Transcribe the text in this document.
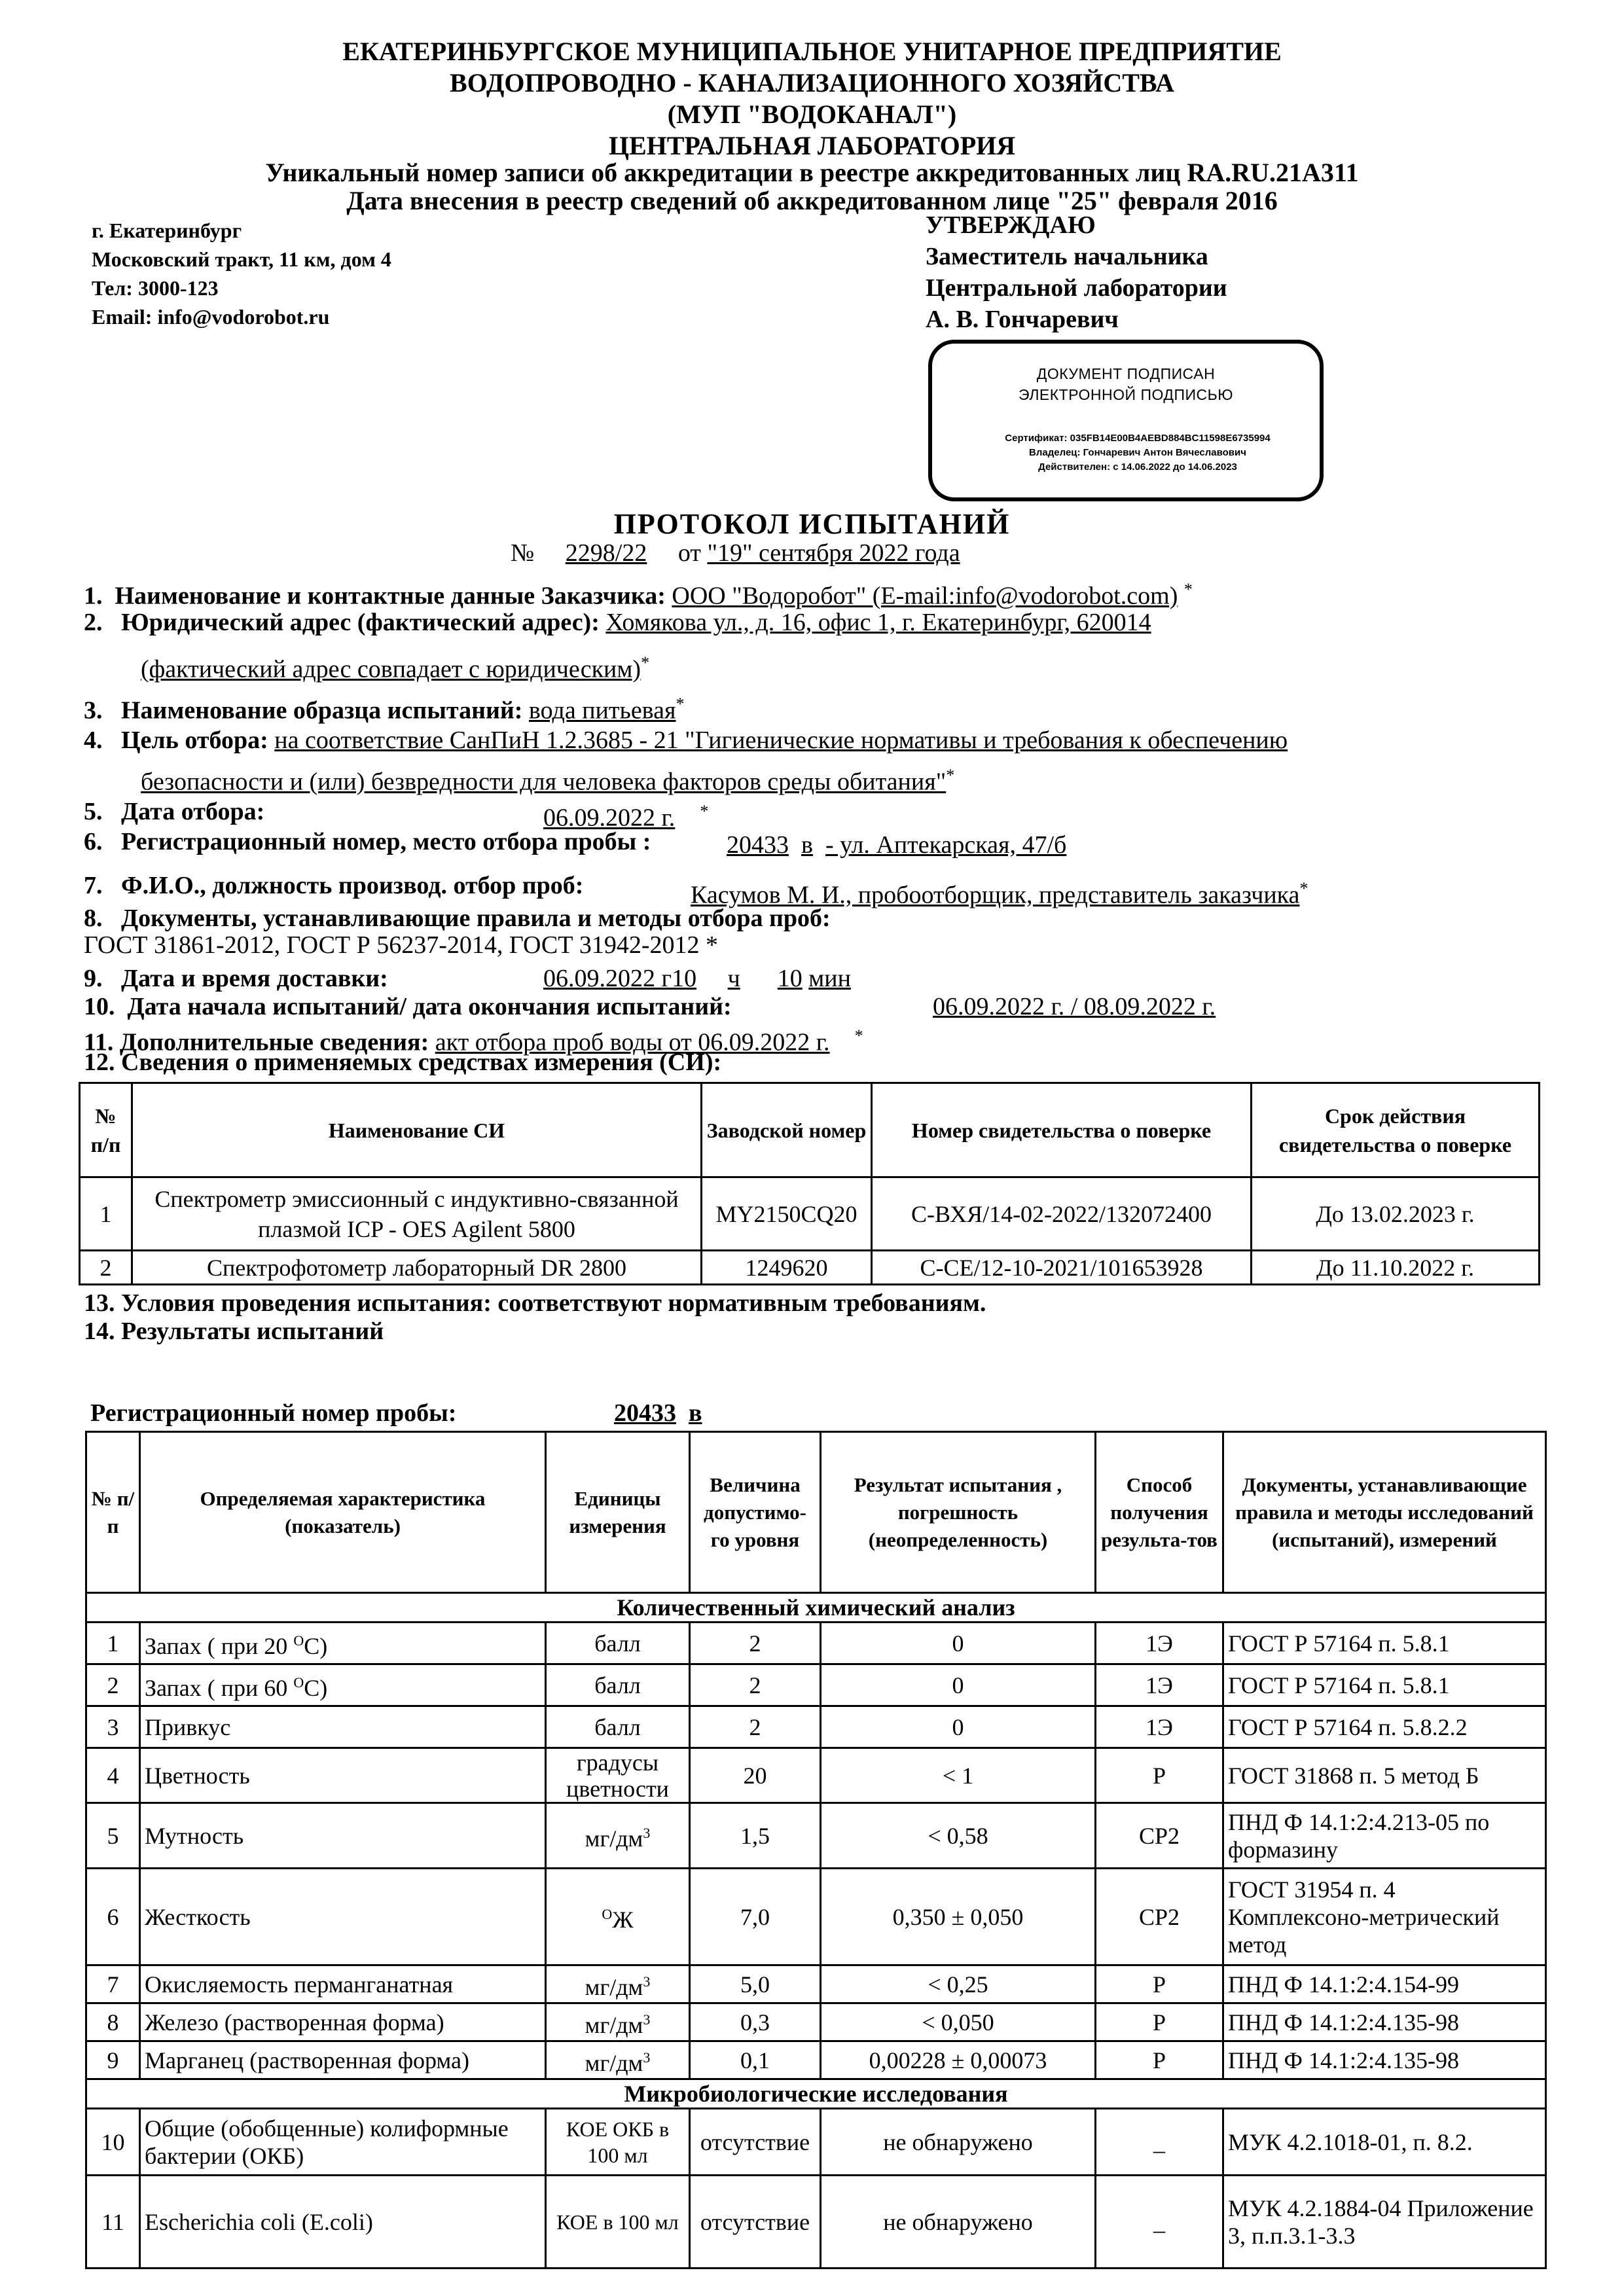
ЕКАТЕРИНБУРГСКОЕ МУНИЦИПАЛЬНОЕ УНИТАРНОЕ ПРЕДПРИЯТИЕ
ВОДОПРОВОДНО - КАНАЛИЗАЦИОННОГО ХОЗЯЙСТВА
(МУП "ВОДОКАНАЛ")
ЦЕНТРАЛЬНАЯ ЛАБОРАТОРИЯ
Уникальный номер записи об аккредитации в реестре аккредитованных лиц RA.RU.21А311
Дата внесения в реестр сведений об аккредитованном лице "25" февраля 2016
г. Екатеринбург
Московский тракт, 11 км, дом 4
Тел: 3000-123
Email: info@vodorobot.ru
УТВЕРЖДАЮ
Заместитель начальника
Центральной лаборатории
А. В. Гончаревич
ДОКУМЕНТ ПОДПИСАН
ЭЛЕКТРОННОЙ ПОДПИСЬЮ
Сертификат: 035FB14E00B4AEBD884BC11598E6735994
Владелец: Гончаревич Антон Вячеславович
Действителен: с 14.06.2022 до 14.06.2023
ПРОТОКОЛ ИСПЫТАНИЙ
№ 2298/22 от "19" сентября 2022 года
1. Наименование и контактные данные Заказчика: ООО "Водоробот" (E-mail:info@vodorobot.com) *
2. Юридический адрес (фактический адрес): Хомякова ул., д. 16, офис 1, г. Екатеринбург, 620014
(фактический адрес совпадает с юридическим)*
3. Наименование образца испытаний: вода питьевая*
4. Цель отбора: на соответствие СанПиН 1.2.3685 - 21 "Гигиенические нормативы и требования к обеспечению
безопасности и (или) безвредности для человека факторов среды обитания"*
5. Дата отбора:	06.09.2022 г. *
6. Регистрационный номер, место отбора пробы :	20433 в - ул. Аптекарская, 47/б
7. Ф.И.О., должность производ. отбор проб:	Касумов М. И., пробоотборщик, представитель заказчика*
8. Документы, устанавливающие правила и методы отбора проб:
ГОСТ 31861-2012, ГОСТ Р 56237-2014, ГОСТ 31942-2012 *
9. Дата и время доставки:	06.09.2022 г10 ч 10 мин
10. Дата начала испытаний/ дата окончания испытаний:	06.09.2022 г. / 08.09.2022 г.
11. Дополнительные сведения: акт отбора проб воды от 06.09.2022 г. *
12. Сведения о применяемых средствах измерения (СИ):
№ п/п	Наименование СИ	Заводской номер	Номер свидетельства о поверке	Срок действия свидетельства о поверке
1	Спектрометр эмиссионный с индуктивно-связанной плазмой ICP - OES Agilent 5800	MY2150CQ20	С-ВХЯ/14-02-2022/132072400	До 13.02.2023 г.
2	Спектрофотометр лабораторный DR 2800	1249620	С-СЕ/12-10-2021/101653928	До 11.10.2022 г.
13. Условия проведения испытания: соответствуют нормативным требованиям.
14. Результаты испытаний
Регистрационный номер пробы:	20433 в
№ п/п	Определяемая характеристика (показатель)	Единицы измерения	Величина допустимо-го уровня	Результат испытания , погрешность (неопределенность)	Способ получения результа-тов	Документы, устанавливающие правила и методы исследований (испытаний), измерений
Количественный химический анализ						
1	Запах ( при 20 $^O$C)	балл	2	0	1Э	ГОСТ Р 57164 п. 5.8.1
2	Запах ( при 60 $^O$C)	балл	2	0	1Э	ГОСТ Р 57164 п. 5.8.1
3	Привкус	балл	2	0	1Э	ГОСТ Р 57164 п. 5.8.2.2
4	Цветность	градусы цветности	20	< 1	Р	ГОСТ 31868 п. 5 метод Б
5	Мутность	$мг/дм^3$	1,5	< 0,58	СР2	ПНД Ф 14.1:2:4.213-05 по формазину
6	Жесткость	$^O$Ж	7,0	0,350 ± 0,050	СР2	ГОСТ 31954 п. 4 Комплексоно-метрический метод
7	Окисляемость перманганатная	$мг/дм^3$	5,0	< 0,25	Р	ПНД Ф 14.1:2:4.154-99
8	Железо (растворенная форма)	$мг/дм^3$	0,3	< 0,050	Р	ПНД Ф 14.1:2:4.135-98
9	Марганец (растворенная форма)	$мг/дм^3$	0,1	0,00228 ± 0,00073	Р	ПНД Ф 14.1:2:4.135-98
Микробиологические исследования						
10	Общие (обобщенные) колиформные бактерии (ОКБ)	КОЕ ОКБ в 100 мл	отсутствие	не обнаружено	_	МУК 4.2.1018-01, п. 8.2.
11	Escherichia coli (E.coli)	КОЕ в 100 мл	отсутствие	не обнаружено	_	МУК 4.2.1884-04 Приложение 3, п.п.3.1-3.3
